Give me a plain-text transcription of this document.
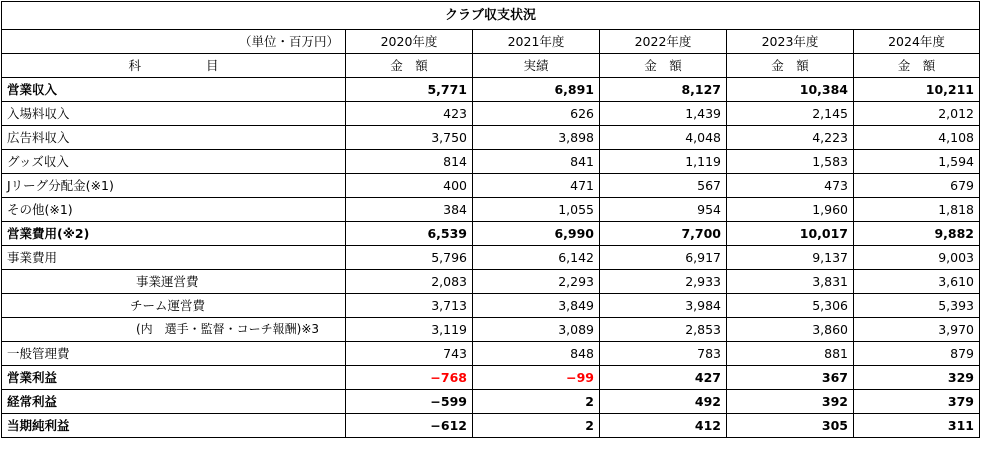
クラブ収支状況					
（単位・百万円）	2020年度	2021年度	2022年度	2023年度	2024年度
科　　目	金　額	実績	金　額	金　額	金　額
営業収入	5,771	6,891	8,127	10,384	10,211
入場料収入	423	626	1,439	2,145	2,012
広告料収入	3,750	3,898	4,048	4,223	4,108
グッズ収入	814	841	1,119	1,583	1,594
Jリーグ分配金(※1)	400	471	567	473	679
その他(※1)	384	1,055	954	1,960	1,818
営業費用(※2)	6,539	6,990	7,700	10,017	9,882
事業費用	5,796	6,142	6,917	9,137	9,003
事業運営費	2,083	2,293	2,933	3,831	3,610
チーム運営費	3,713	3,849	3,984	5,306	5,393
(内　選手・監督・コーチ報酬)※3	3,119	3,089	2,853	3,860	3,970
一般管理費	743	848	783	881	879
営業利益	−768	−99	427	367	329
経常利益	−599	2	492	392	379
当期純利益	−612	2	412	305	311
